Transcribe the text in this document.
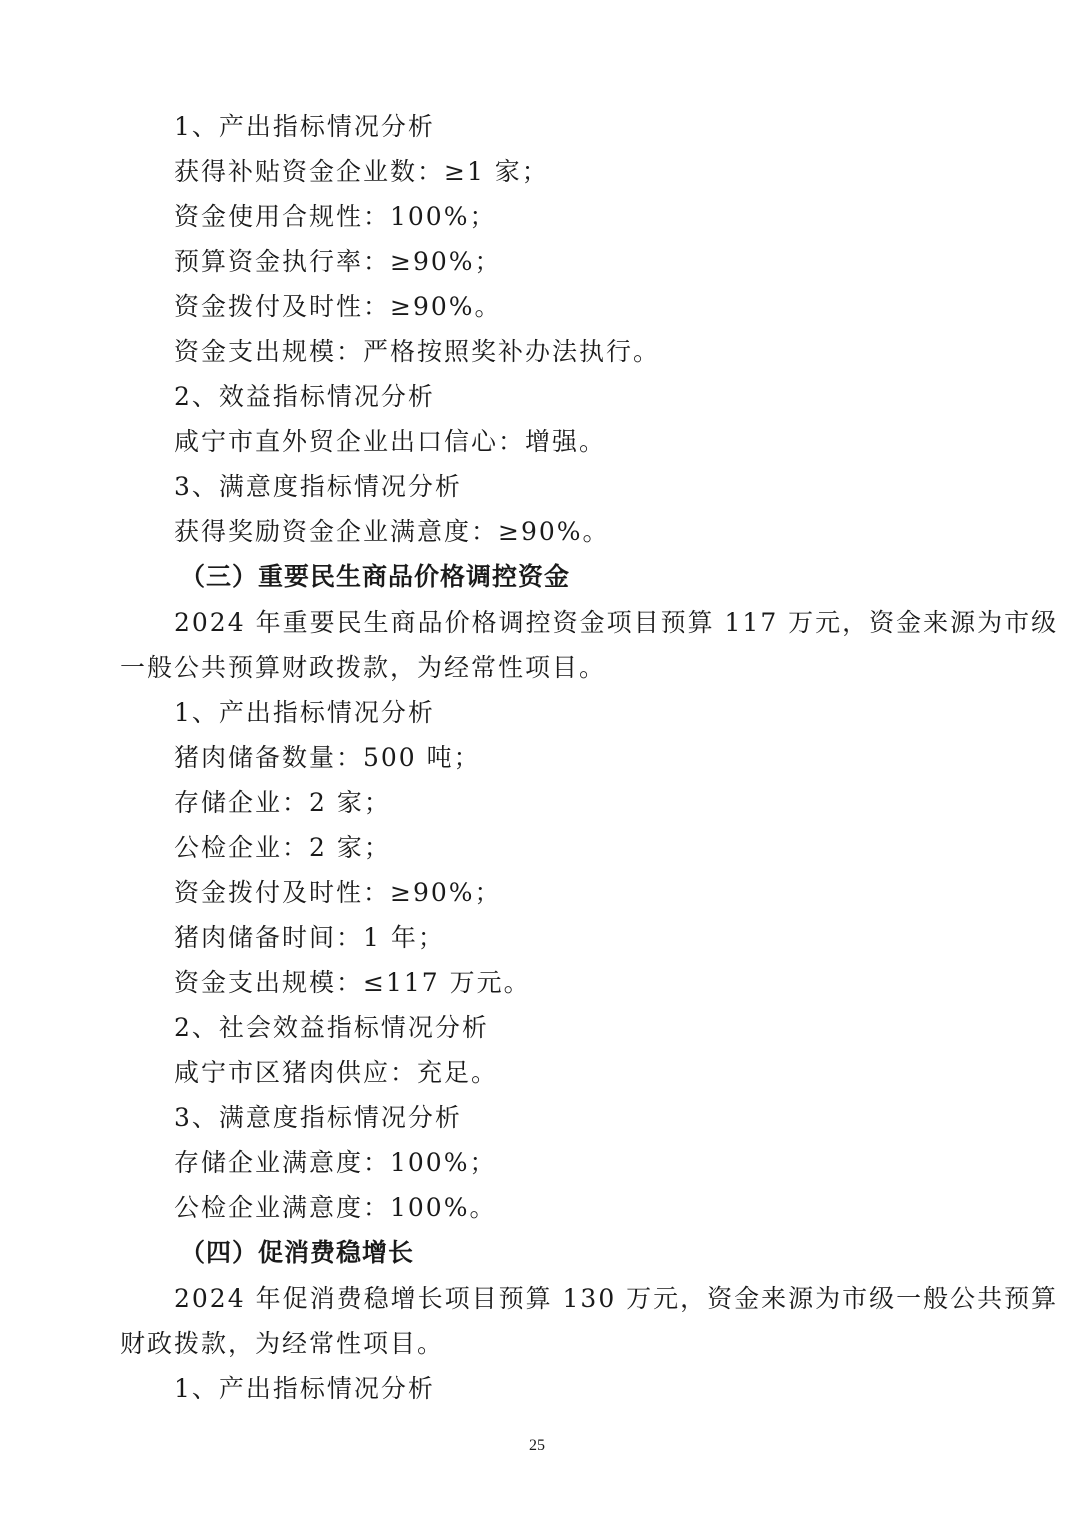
1、产出指标情况分析
获得补贴资金企业数：≥1 家；
资金使用合规性：100%；
预算资金执行率：≥90%；
资金拨付及时性：≥90%。
资金支出规模：严格按照奖补办法执行。
2、效益指标情况分析
咸宁市直外贸企业出口信心：增强。
3、满意度指标情况分析
获得奖励资金企业满意度：≥90%。
（三）重要民生商品价格调控资金
2024 年重要民生商品价格调控资金项目预算 117 万元，资金来源为市级
一般公共预算财政拨款，为经常性项目。
1、产出指标情况分析
猪肉储备数量：500 吨；
存储企业：2 家；
公检企业：2 家；
资金拨付及时性：≥90%；
猪肉储备时间：1 年；
资金支出规模：≤117 万元。
2、社会效益指标情况分析
咸宁市区猪肉供应：充足。
3、满意度指标情况分析
存储企业满意度：100%；
公检企业满意度：100%。
（四）促消费稳增长
2024 年促消费稳增长项目预算 130 万元，资金来源为市级一般公共预算
财政拨款，为经常性项目。
1、产出指标情况分析
25
